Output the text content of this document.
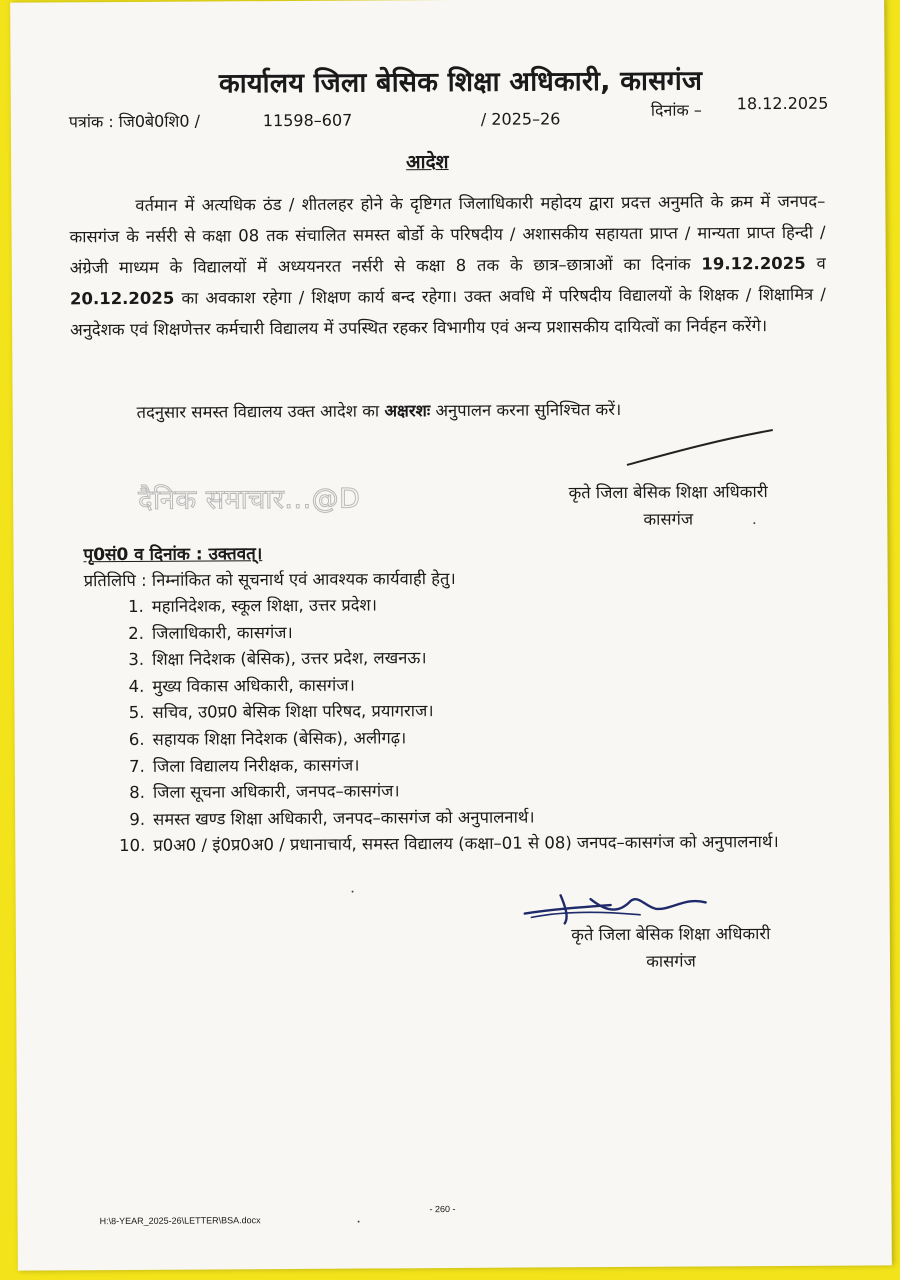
कार्यालय जिला बेसिक शिक्षा अधिकारी, कासगंज
पत्रांक : जि0बे0शि0 /	11598–607	/ 2025–26	दिनांक – 18.12.2025
आदेश
वर्तमान में अत्यधिक ठंड / शीतलहर होने के दृष्टिगत जिलाधिकारी महोदय द्वारा प्रदत्त अनुमति के क्रम में जनपद–कासगंज के नर्सरी से कक्षा 08 तक संचालित समस्त बोर्डो के परिषदीय / अशासकीय सहायता प्राप्त / मान्यता प्राप्त हिन्दी / अंग्रेजी माध्यम के विद्यालयों में अध्ययनरत नर्सरी से कक्षा 8 तक के छात्र–छात्राओं का दिनांक 19.12.2025 व 20.12.2025 का अवकाश रहेगा / शिक्षण कार्य बन्द रहेगा। उक्त अवधि में परिषदीय विद्यालयों के शिक्षक / शिक्षामित्र / अनुदेशक एवं शिक्षणेत्तर कर्मचारी विद्यालय में उपस्थित रहकर विभागीय एवं अन्य प्रशासकीय दायित्वों का निर्वहन करेंगे।
तदनुसार समस्त विद्यालय उक्त आदेश का अक्षरशः अनुपालन करना सुनिश्चित करें।
दैनिक समाचार...@D	कृते जिला बेसिक शिक्षा अधिकारी
कासगंज
पृ0सं0 व दिनांक : उक्तवत्।
प्रतिलिपि : निम्नांकित को सूचनार्थ एवं आवश्यक कार्यवाही हेतु।
1. महानिदेशक, स्कूल शिक्षा, उत्तर प्रदेश।
2. जिलाधिकारी, कासगंज।
3. शिक्षा निदेशक (बेसिक), उत्तर प्रदेश, लखनऊ।
4. मुख्य विकास अधिकारी, कासगंज।
5. सचिव, उ0प्र0 बेसिक शिक्षा परिषद, प्रयागराज।
6. सहायक शिक्षा निदेशक (बेसिक), अलीगढ़।
7. जिला विद्यालय निरीक्षक, कासगंज।
8. जिला सूचना अधिकारी, जनपद–कासगंज।
9. समस्त खण्ड शिक्षा अधिकारी, जनपद–कासगंज को अनुपालनार्थ।
10. प्र0अ0 / इं0प्र0अ0 / प्रधानाचार्य, समस्त विद्यालय (कक्षा–01 से 08) जनपद–कासगंज को अनुपालनार्थ।
कृते जिला बेसिक शिक्षा अधिकारी
कासगंज
- 260 -
H:\8-YEAR_2025-26\LETTER\BSA.docx
